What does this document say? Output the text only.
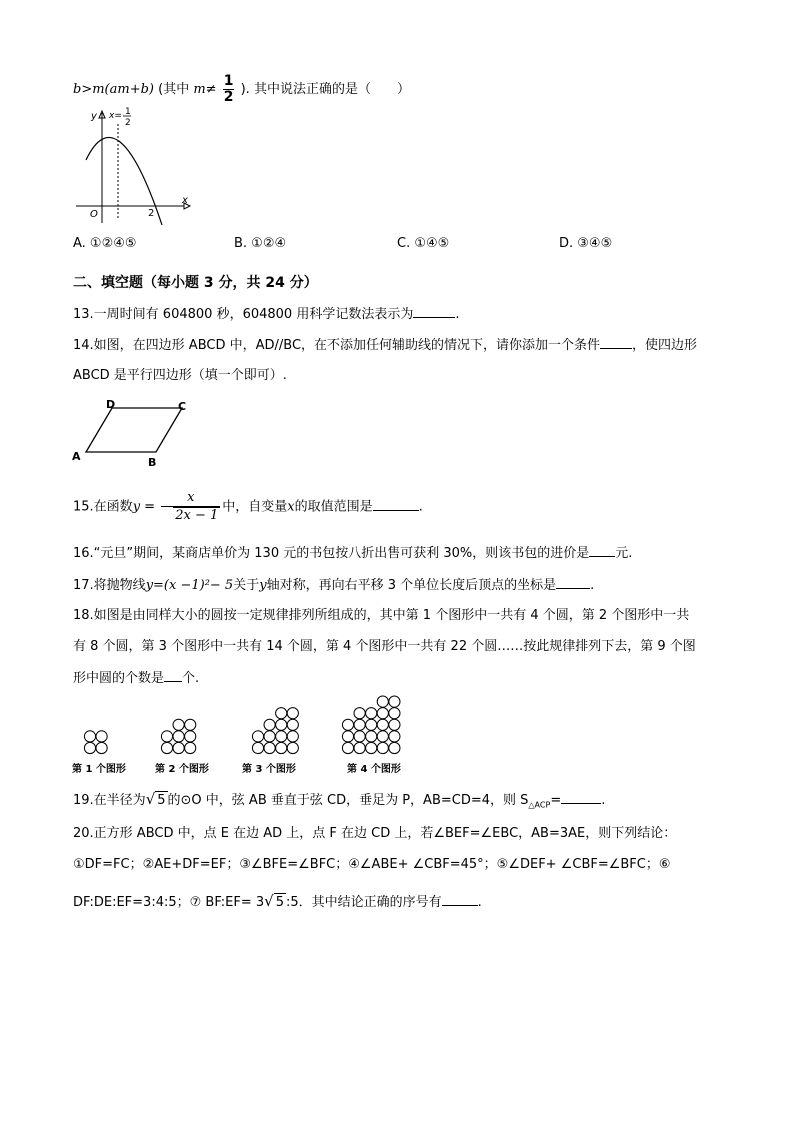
b>m(am+b) (其中 $m\ne \frac{1}{2}$ ). 其中说法正确的是（　　）
y
x
O	2
x= 1
2
A. ①②④⑤	B. ①②④	C. ①④⑤	D. ③④⑤
二、填空题（每小题 3 分，共 24 分）
13.一周时间有 604800 秒，604800 用科学记数法表示为	.
14.如图，在四边形 ABCD 中，AD//BC，在不添加任何辅助线的情况下，请你添加一个条件 ，使四边形
ABCD 是平行四边形（填一个即可）.
A	B
C
D
15.在函数$y = \frac{x}{2x - 1}$ 中，自变量x的取值范围是	.
16.“元旦”期间，某商店单价为 130 元的书包按八折出售可获利 30%，则该书包的进价是 元.
17.将抛物线y=(x −1)²− 5关于y轴对称，再向右平移 3 个单位长度后顶点的坐标是	.
18.如图是由同样大小的圆按一定规律排列所组成的，其中第 1 个图形中一共有 4 个圆，第 2 个图形中一共
有 8 个圆，第 3 个图形中一共有 14 个圆，第 4 个图形中一共有 22 个圆……按此规律排列下去，第 9 个图
形中圆的个数是 个.
第 1 个图形	第 2 个图形	第 3 个图形	第 4 个图形
19.在半径为√ 5 的⊙O 中，弦 AB 垂直于弦 CD，垂足为 P，AB=CD=4，则 $S_{\triangle ACP}=$	.
20.正方形 ABCD 中，点 E 在边 AD 上，点 F 在边 CD 上，若∠BEF=∠EBC，AB=3AE，则下列结论：
①DF=FC；②AE+DF=EF；③∠BFE=∠BFC；④∠ABE+ ∠CBF=45°；⑤∠DEF+ ∠CBF=∠BFC；⑥
DF:DE:EF=3:4:5；⑦ BF:EF= 3√ 5 :5．其中结论正确的序号有	.
